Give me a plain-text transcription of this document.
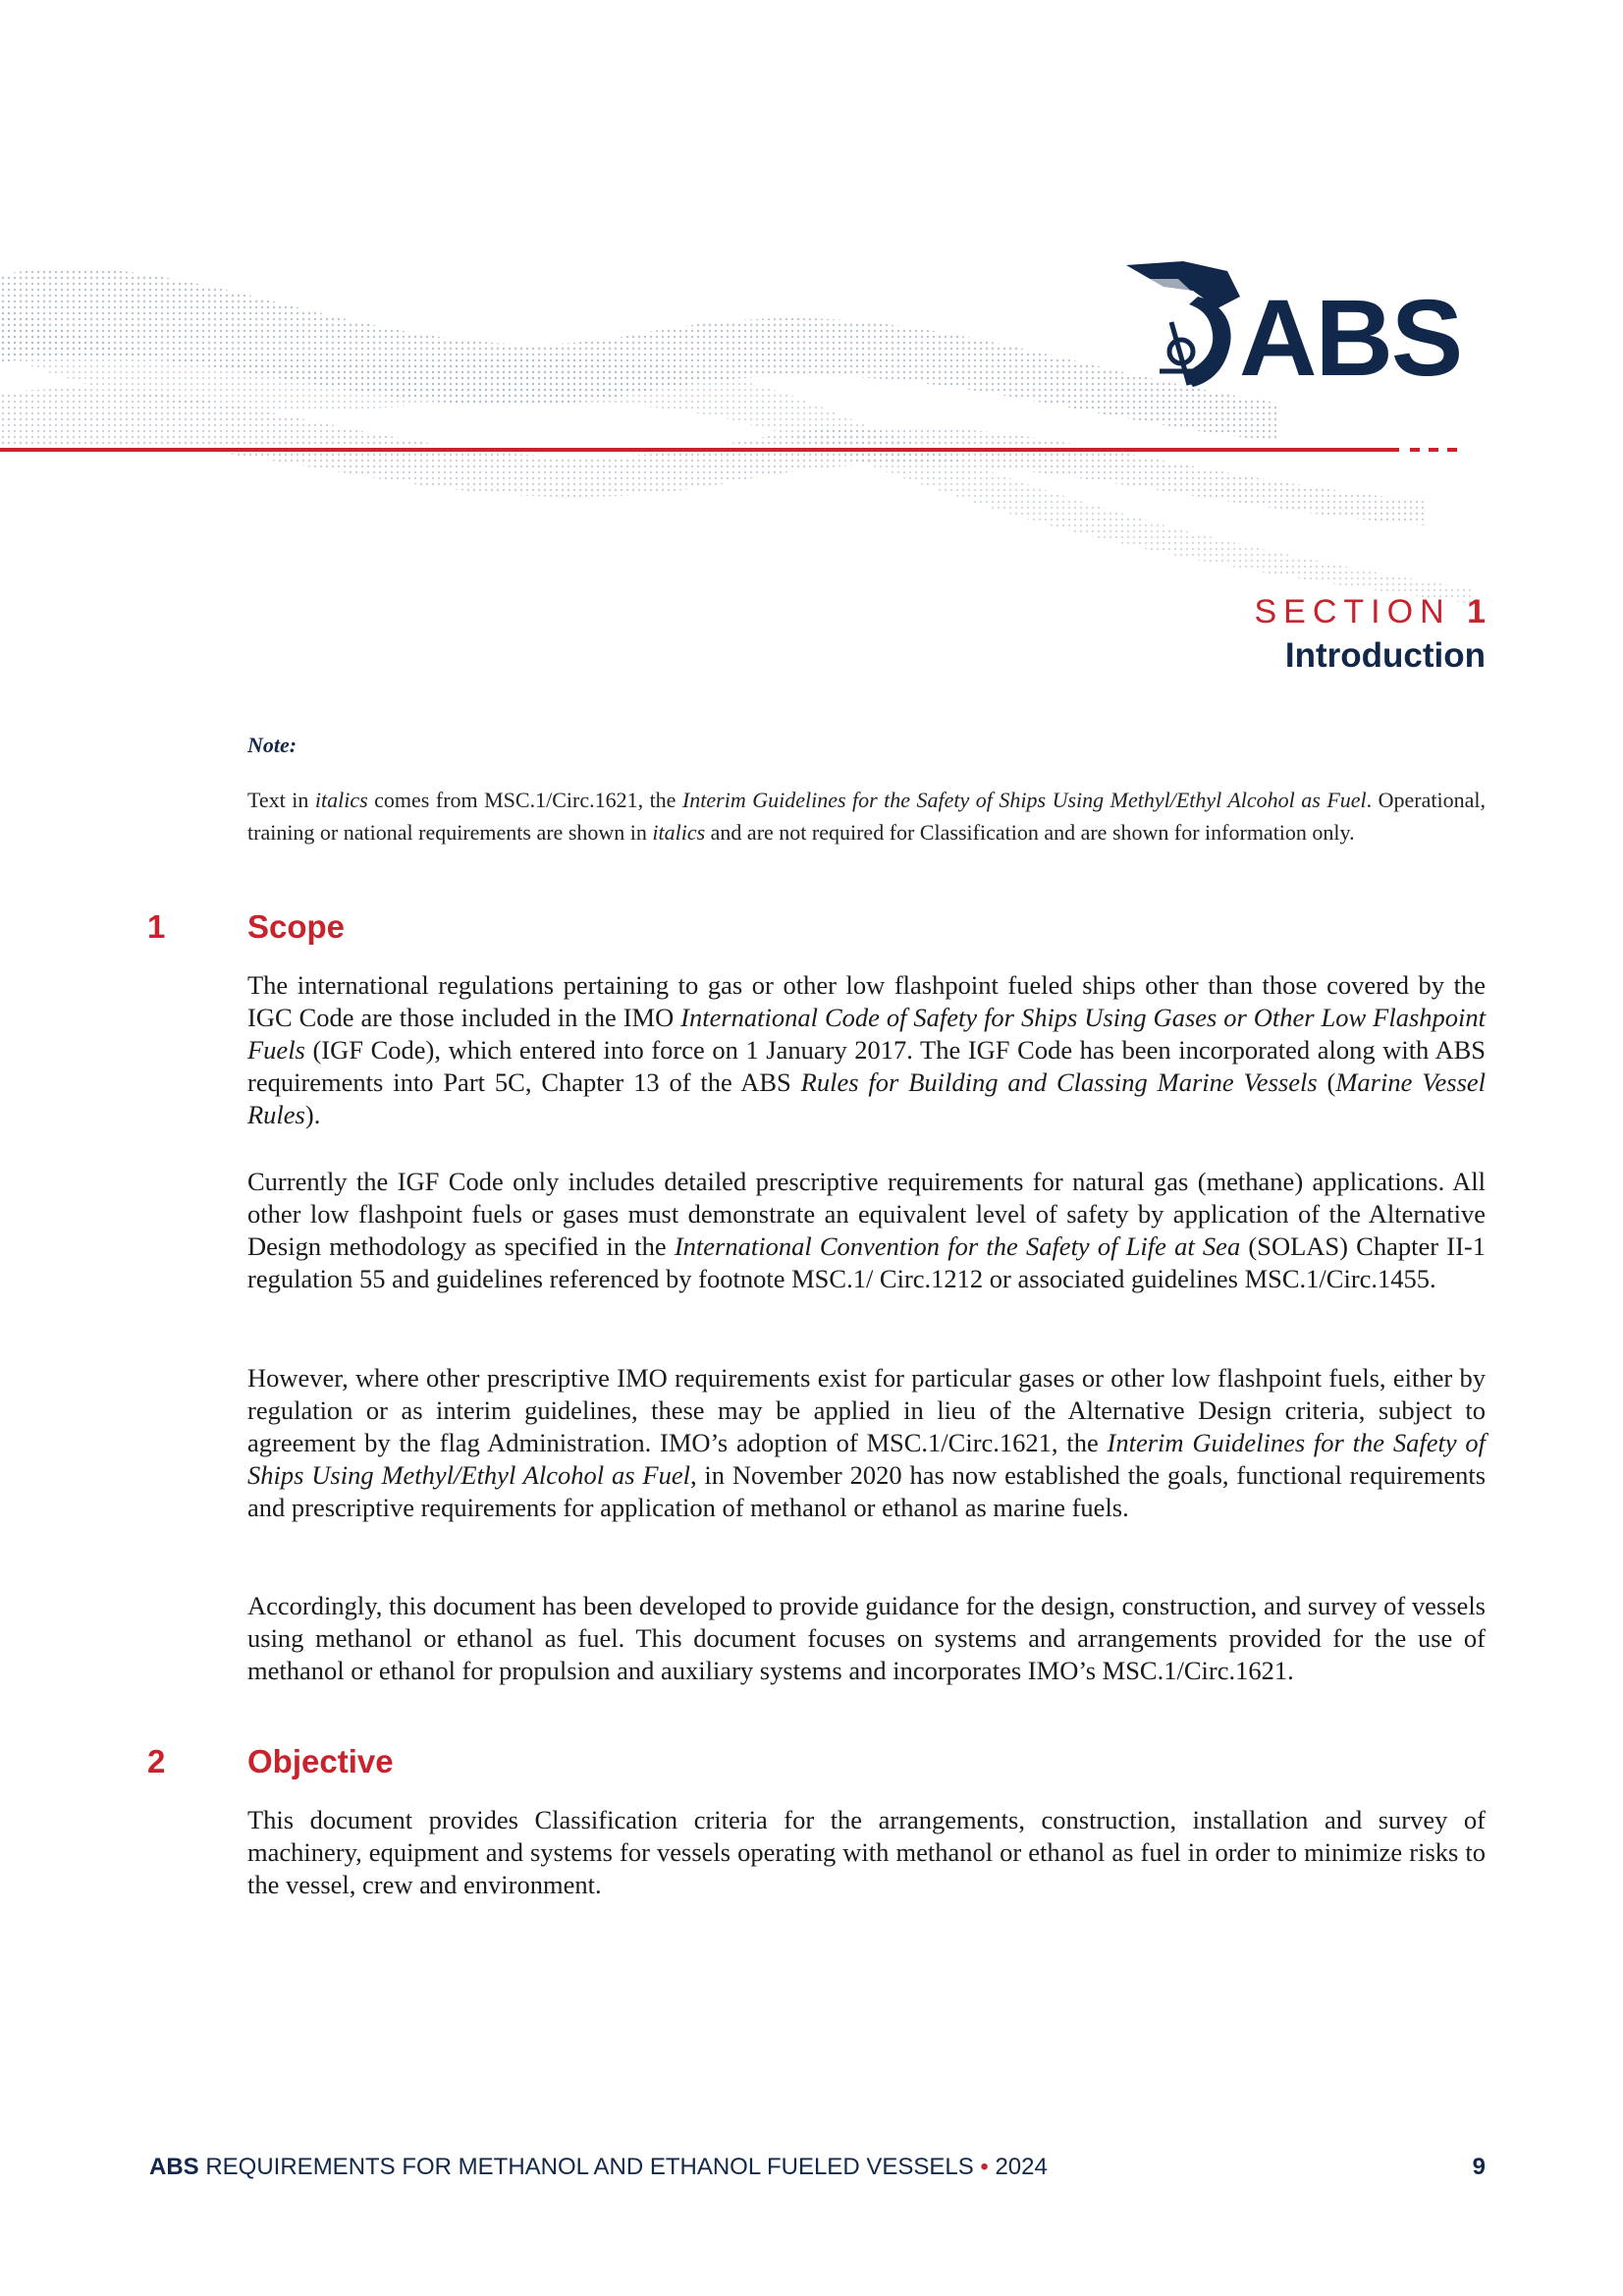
ABS
SECTION 1
Introduction
Note:
Text in italics comes from MSC.1/Circ.1621, the Interim Guidelines for the Safety of Ships Using Methyl/Ethyl Alcohol as Fuel. Operational, training or national requirements are shown in italics and are not required for Classification and are shown for information only.
1	Scope
The international regulations pertaining to gas or other low flashpoint fueled ships other than those covered by the IGC Code are those included in the IMO International Code of Safety for Ships Using Gases or Other Low Flashpoint Fuels (IGF Code), which entered into force on 1 January 2017. The IGF Code has been incorporated along with ABS requirements into Part 5C, Chapter 13 of the ABS Rules for Building and Classing Marine Vessels (Marine Vessel Rules).
Currently the IGF Code only includes detailed prescriptive requirements for natural gas (methane) applications. All other low flashpoint fuels or gases must demonstrate an equivalent level of safety by application of the Alternative Design methodology as specified in the International Convention for the Safety of Life at Sea (SOLAS) Chapter II-1 regulation 55 and guidelines referenced by footnote MSC.1/ Circ.1212 or associated guidelines MSC.1/Circ.1455.
However, where other prescriptive IMO requirements exist for particular gases or other low flashpoint fuels, either by regulation or as interim guidelines, these may be applied in lieu of the Alternative Design criteria, subject to agreement by the flag Administration. IMO’s adoption of MSC.1/Circ.1621, the Interim Guidelines for the Safety of Ships Using Methyl/Ethyl Alcohol as Fuel, in November 2020 has now established the goals, functional requirements and prescriptive requirements for application of methanol or ethanol as marine fuels.
Accordingly, this document has been developed to provide guidance for the design, construction, and survey of vessels using methanol or ethanol as fuel. This document focuses on systems and arrangements provided for the use of methanol or ethanol for propulsion and auxiliary systems and incorporates IMO’s MSC.1/Circ.1621.
2	Objective
This document provides Classification criteria for the arrangements, construction, installation and survey of machinery, equipment and systems for vessels operating with methanol or ethanol as fuel in order to minimize risks to the vessel, crew and environment.
ABS REQUIREMENTS FOR METHANOL AND ETHANOL FUELED VESSELS • 2024	9
